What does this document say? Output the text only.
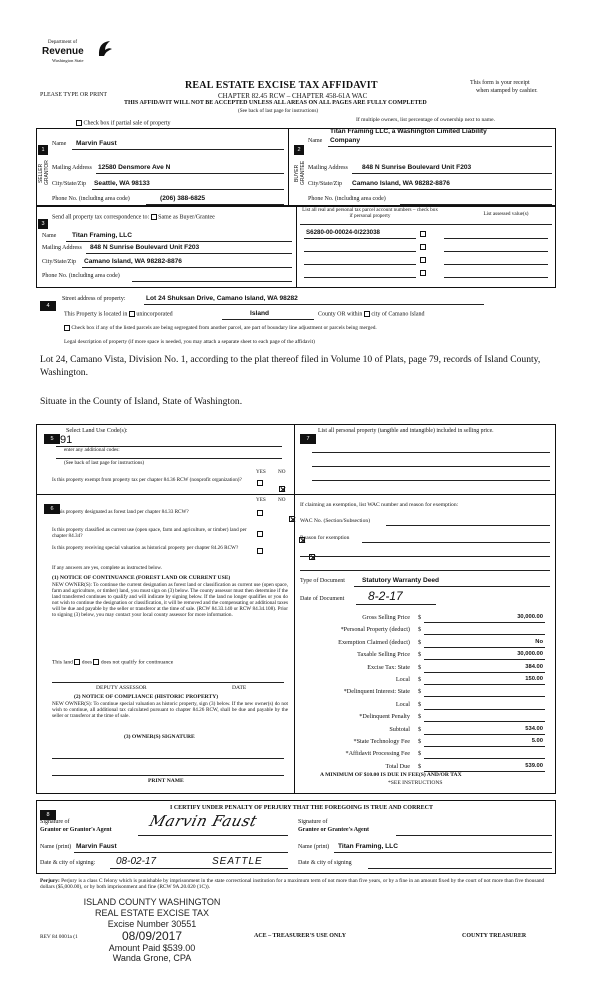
Department of
Revenue
Washington State
REAL ESTATE EXCISE TAX AFFIDAVIT
CHAPTER 82.45 RCW – CHAPTER 458-61A WAC
PLEASE TYPE OR PRINT
This form is your receipt
when stamped by cashier.
THIS AFFIDAVIT WILL NOT BE ACCEPTED UNLESS ALL AREAS ON ALL PAGES ARE FULLY COMPLETED
(See back of last page for instructions)
Check box if partial sale of property
If multiple owners, list percentage of ownership next to name.
1
SELLER GRANTOR
Name Marvin Faust
Mailing Address 12580 Densmore Ave N
City/State/Zip Seattle, WA 98133
Phone No. (including area code)	(206) 388-6825
2
BUYER GRANTEE
Name
Titan Framing LLC, a Washington Limited Liability
Company
Mailing Address 848 N Sunrise Boulevard Unit F203
City/State/Zip Camano Island, WA 98282-8876
Phone No. (including area code)
3
Send all property tax correspondence to: Same as Buyer/Grantee
Name Titan Framing, LLC
Mailing Address 848 N Sunrise Boulevard Unit F203
City/State/Zip Camano Island, WA 98282-8876
Phone No. (including area code)
List all real and personal tax parcel account numbers – check box if personal property	List assessed value(s)
S6280-00-00024-0/223038
4
Street address of property:	Lot 24 Shuksan Drive, Camano Island, WA 98282
This Property is located in unincorporated	Island	County OR within city of Camano Island
Check box if any of the listed parcels are being segregated from another parcel, are part of boundary line adjustment or parcels being merged.
Legal description of property (if more space is needed, you may attach a separate sheet to each page of the affidavit)
Lot 24, Camano Vista, Division No. 1, according to the plat thereof filed in Volume 10 of Plats, page 79, records of Island County, Washington.
Situate in the County of Island, State of Washington.
5
Select Land Use Code(s):
91
enter any additional codes:
(See back of last page for instructions)
YES NO
Is this property exempt from property tax per chapter 84.36 RCW (nonprofit organization)?

6
YES NO
Is this property designated as forest land per chapter 84.33 RCW?

Is this property classified as current use (open space, farm and agriculture, or timber) land per chapter 84.34?

Is this property receiving special valuation as historical property per chapter 84.26 RCW?
If any answers are yes, complete as instructed below.
(1) NOTICE OF CONTINUANCE (FOREST LAND OR CURRENT USE)
NEW OWNER(S): To continue the current designation as forest land or classification as current use (open space, farm and agriculture, or timber) land, you must sign on (3) below. The county assessor must then determine if the land transferred continues to qualify and will indicate by signing below. If the land no longer qualifies or you do not wish to continue the designation or classification, it will be removed and the compensating or additional taxes will be due and payable by the seller or transferor at the time of sale. (RCW 84.33.140 or RCW 84.34.108). Prior to signing (3) below, you may contact your local county assessor for more information.
This land does does not qualify for continuance
DEPUTY ASSESSOR	DATE
(2) NOTICE OF COMPLIANCE (HISTORIC PROPERTY)
NEW OWNER(S): To continue special valuation as historic property, sign (3) below. If the new owner(s) do not wish to continue, all additional tax calculated pursuant to chapter 84.26 RCW, shall be due and payable by the seller or transferor at the time of sale.
(3) OWNER(S) SIGNATURE
PRINT NAME
7
List all personal property (tangible and intangible) included in selling price.
If claiming an exemption, list WAC number and reason for exemption:
WAC No. (Section/Subsection)
Reason for exemption
Type of Document	Statutory Warranty Deed
Date of Document 8-2-17
Gross Selling Price $	30,000.00
*Personal Property (deduct) $
Exemption Claimed (deduct) $	No
Taxable Selling Price $	30,000.00
Excise Tax: State $	384.00
Local $	150.00
*Delinquent Interest: State $
Local $
*Delinquent Penalty $
Subtotal $	534.00
*State Technology Fee $	5.00
*Affidavit Processing Fee $
Total Due $	539.00
A MINIMUM OF $10.00 IS DUE IN FEE(S) AND/OR TAX
*SEE INSTRUCTIONS
8
I CERTIFY UNDER PENALTY OF PERJURY THAT THE FOREGOING IS TRUE AND CORRECT
Signature of
Grantor or Grantor's Agent Marvin Faust	Signature of
Grantee or Grantee's Agent
Name (print) Marvin Faust	Name (print) Titan Framing, LLC
Date & city of signing: 08-02-17	SEATTLE	Date & city of signing
Perjury: Perjury is a class C felony which is punishable by imprisonment in the state correctional institution for a maximum term of not more than five years, or by a fine in an amount fixed by the court of not more than five thousand dollars ($5,000.00), or by both imprisonment and fine (RCW 9A.20.020 (1C)).
ISLAND COUNTY WASHINGTON
REAL ESTATE EXCISE TAX
Excise Number 30551
08/09/2017
Amount Paid $539.00
Wanda Grone, CPA
REV 84 0001a (1	ACE – TREASURER'S USE ONLY	COUNTY TREASURER
